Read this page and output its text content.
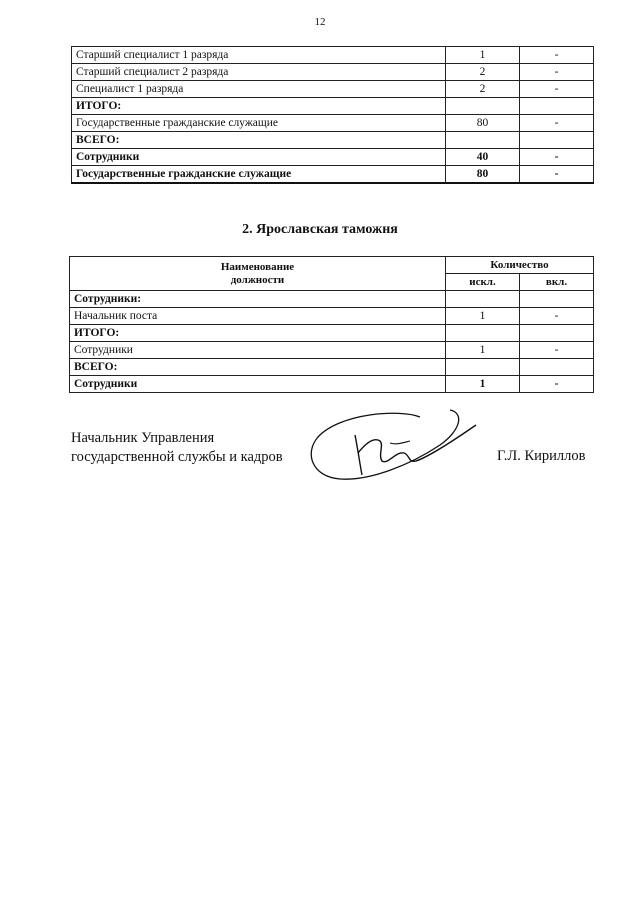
12
Старший специалист 1 разряда	1	-
Старший специалист 2 разряда	2	-
Специалист 1 разряда	2	-
ИТОГО:		
Государственные гражданские служащие	80	-
ВСЕГО:		
Сотрудники	40	-
Государственные гражданские служащие	80	-
2. Ярославская таможня
Наименование
должности	Количество	
	искл.	вкл.
Сотрудники:		
Начальник поста	1	-
ИТОГО:		
Сотрудники	1	-
ВСЕГО:		
Сотрудники	1	-
Начальник Управления
государственной службы и кадров	Г.Л. Кириллов
